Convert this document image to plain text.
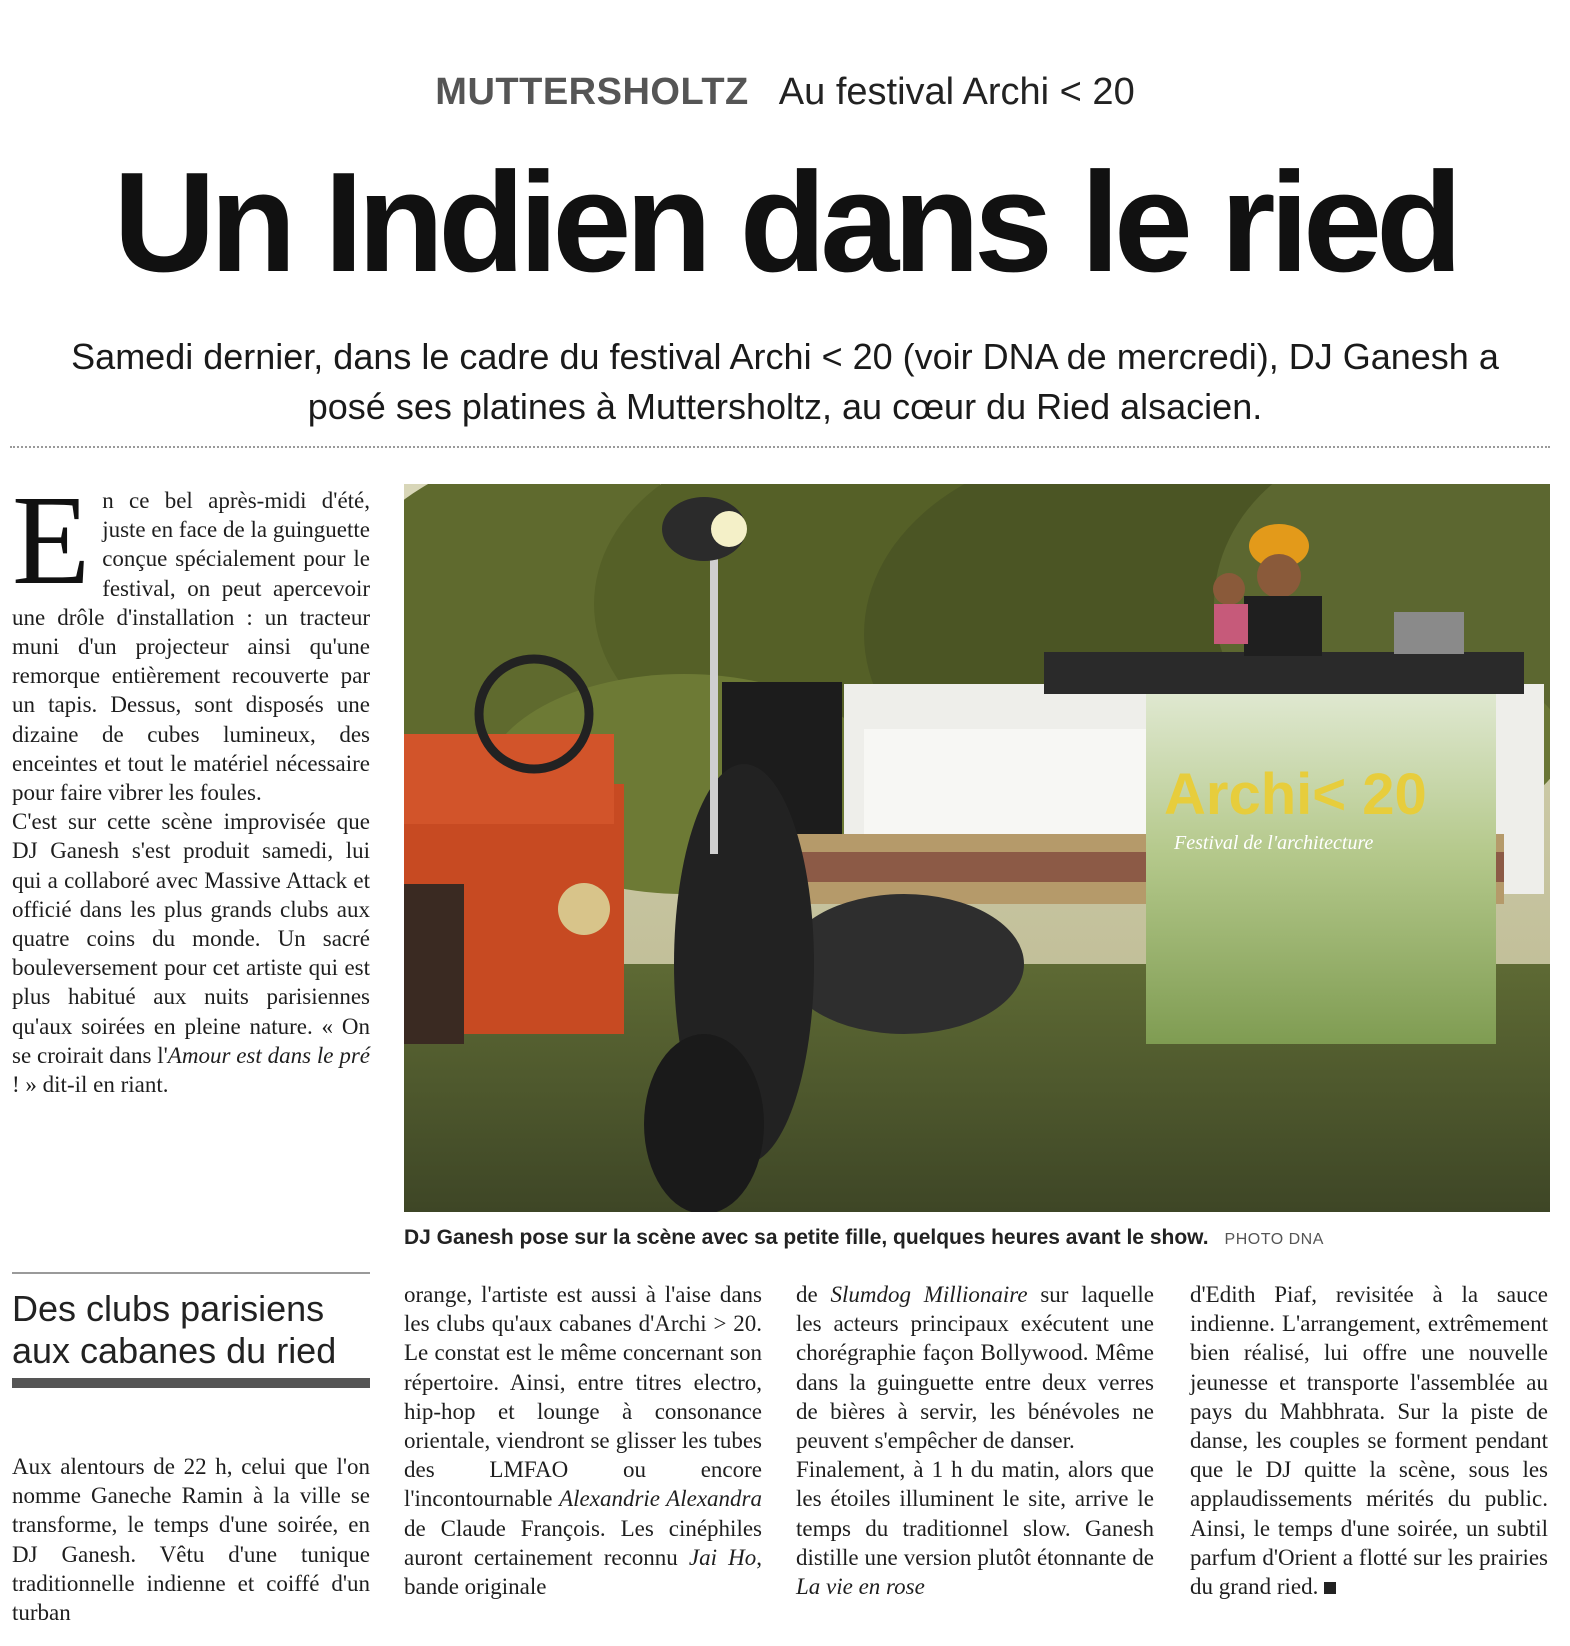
MUTTERSHOLTZ Au festival Archi < 20
Un Indien dans le ried
Samedi dernier, dans le cadre du festival Archi < 20 (voir DNA de mercredi), DJ Ganesh a posé ses platines à Muttersholtz, au cœur du Ried alsacien.
E n ce bel après-midi d'été, juste en face de la guinguette conçue spécialement pour le festival, on peut apercevoir une drôle d'installation : un tracteur muni d'un projecteur ainsi qu'une remorque entièrement recouverte par un tapis. Dessus, sont disposés une dizaine de cubes lumineux, des enceintes et tout le matériel nécessaire pour faire vibrer les foules.

C'est sur cette scène improvisée que DJ Ganesh s'est produit samedi, lui qui a collaboré avec Massive Attack et officié dans les plus grands clubs aux quatre coins du monde. Un sacré bouleversement pour cet artiste qui est plus habitué aux nuits parisiennes qu'aux soirées en pleine nature. « On se croirait dans l'Amour est dans le pré ! » dit-il en riant.

Archi< 20
Festival de l'architecture
DJ Ganesh pose sur la scène avec sa petite fille, quelques heures avant le show. PHOTO DNA
Des clubs parisiens aux cabanes du ried

Aux alentours de 22 h, celui que l'on nomme Ganeche Ramin à la ville se transforme, le temps d'une soirée, en DJ Ganesh. Vêtu d'une tunique traditionnelle indienne et coiffé d'un turban

orange, l'artiste est aussi à l'aise dans les clubs qu'aux cabanes d'Archi > 20. Le constat est le même concernant son répertoire. Ainsi, entre titres electro, hip-hop et lounge à consonance orientale, viendront se glisser les tubes des LMFAO ou encore l'incontournable Alexandrie Alexandra de Claude François. Les cinéphiles auront certainement reconnu Jai Ho, bande originale

de Slumdog Millionaire sur laquelle les acteurs principaux exécutent une chorégraphie façon Bollywood. Même dans la guinguette entre deux verres de bières à servir, les bénévoles ne peuvent s'empêcher de danser.

Finalement, à 1 h du matin, alors que les étoiles illuminent le site, arrive le temps du traditionnel slow. Ganesh distille une version plutôt étonnante de La vie en rose

d'Edith Piaf, revisitée à la sauce indienne. L'arrangement, extrêmement bien réalisé, lui offre une nouvelle jeunesse et transporte l'assemblée au pays du Mahbhrata. Sur la piste de danse, les couples se forment pendant que le DJ quitte la scène, sous les applaudissements mérités du public. Ainsi, le temps d'une soirée, un subtil parfum d'Orient a flotté sur les prairies du grand ried.
